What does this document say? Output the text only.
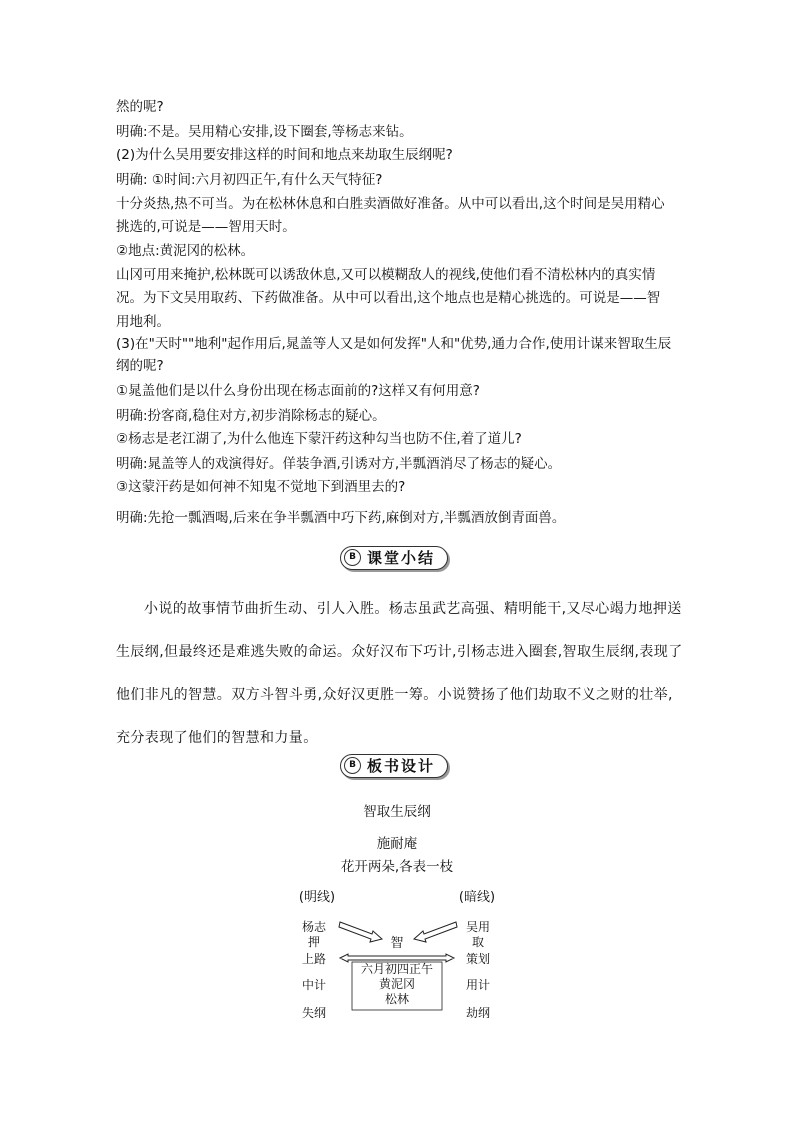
然的呢?
明确:不是。吴用精心安排,设下圈套,等杨志来钻。
(2)为什么吴用要安排这样的时间和地点来劫取生辰纲呢?
明确: ①时间:六月初四正午,有什么天气特征?
十分炎热,热不可当。为在松林休息和白胜卖酒做好准备。从中可以看出,这个时间是吴用精心
挑选的,可说是——智用天时。
②地点:黄泥冈的松林。
山冈可用来掩护,松林既可以诱敌休息,又可以模糊敌人的视线,使他们看不清松林内的真实情
况。为下文吴用取药、下药做准备。从中可以看出,这个地点也是精心挑选的。可说是——智
用地利。
(3)在"天时""地利"起作用后,晁盖等人又是如何发挥"人和"优势,通力合作,使用计谋来智取生辰
纲的呢?
①晁盖他们是以什么身份出现在杨志面前的?这样又有何用意?
明确:扮客商,稳住对方,初步消除杨志的疑心。
②杨志是老江湖了,为什么他连下蒙汗药这种勾当也防不住,着了道儿?
明确:晁盖等人的戏演得好。佯装争酒,引诱对方,半瓢酒消尽了杨志的疑心。
③这蒙汗药是如何神不知鬼不觉地下到酒里去的?
明确:先抢一瓢酒喝,后来在争半瓢酒中巧下药,麻倒对方,半瓢酒放倒青面兽。
B 课堂小结
小说的故事情节曲折生动、引人入胜。杨志虽武艺高强、精明能干,又尽心竭力地押送生辰纲,但最终还是难逃失败的命运。众好汉布下巧计,引杨志进入圈套,智取生辰纲,表现了他们非凡的智慧。双方斗智斗勇,众好汉更胜一筹。小说赞扬了他们劫取不义之财的壮举,充分表现了他们的智慧和力量。
B 板书设计
智取生辰纲
施耐庵
花开两朵,各表一枝
(明线)	(暗线)
杨志
押
上路
中计
失纲
吴用
取
策划
用计
劫纲
智
六月初四正午
黄泥冈
松林
